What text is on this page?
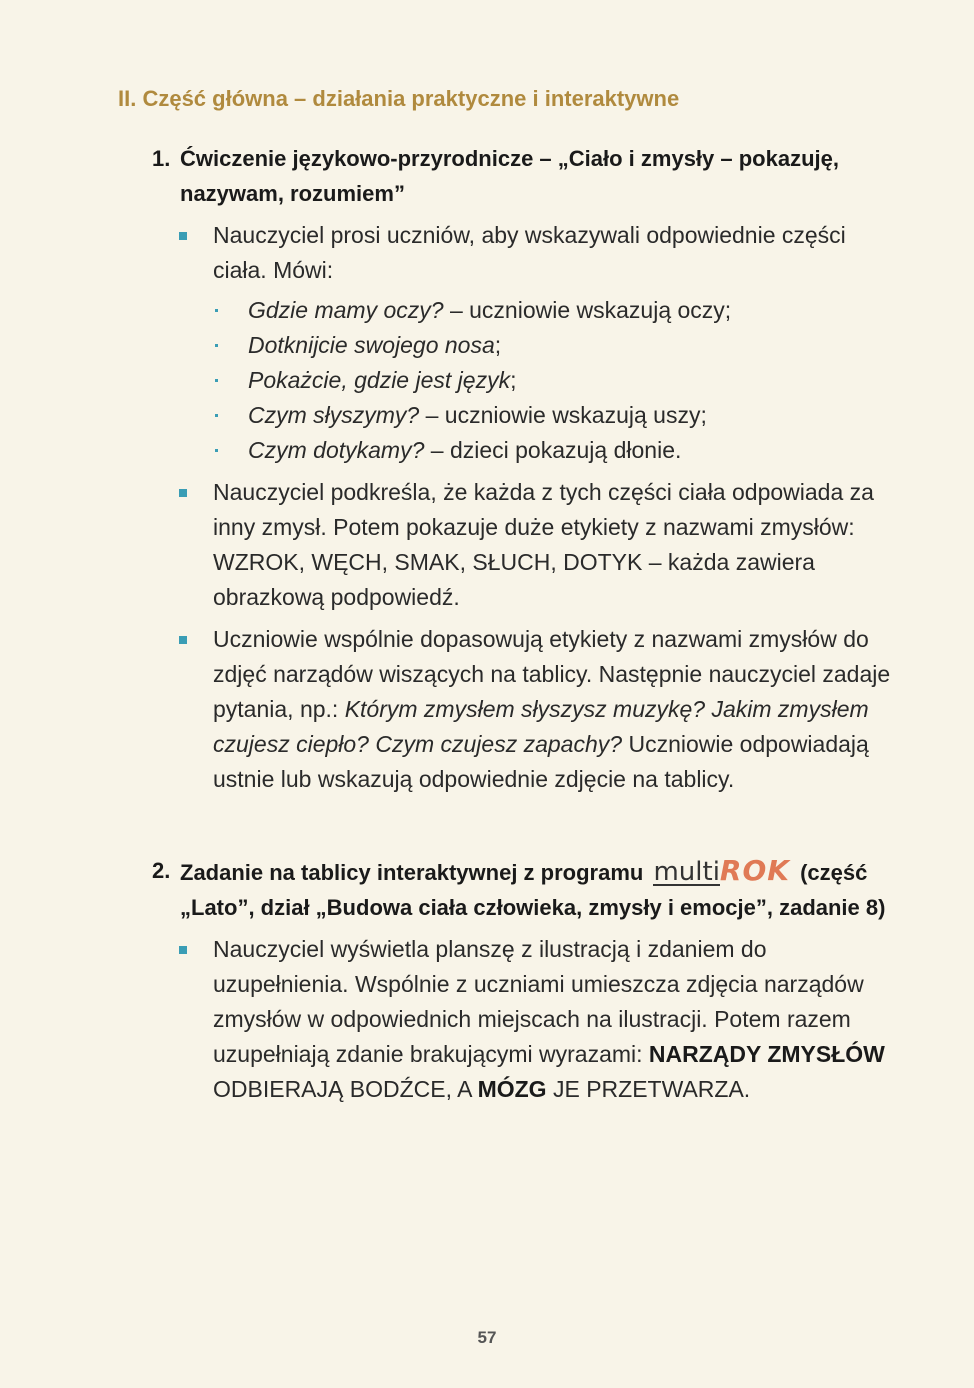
II. Część główna – działania praktyczne i interaktywne

1. Ćwiczenie językowo-przyrodnicze – „Ciało i zmysły – pokazuję, nazywam, rozumiem”

Nauczyciel prosi uczniów, aby wskazywali odpowiednie części ciała. Mówi:
Gdzie mamy oczy? – uczniowie wskazują oczy;
Dotknijcie swojego nosa;
Pokażcie, gdzie jest język;
Czym słyszymy? – uczniowie wskazują uszy;
Czym dotykamy? – dzieci pokazują dłonie.
Nauczyciel podkreśla, że każda z tych części ciała odpowiada za inny zmysł. Potem pokazuje duże etykiety z nazwami zmysłów: WZROK, WĘCH, SMAK, SŁUCH, DOTYK – każda zawiera obrazkową podpowiedź.
Uczniowie wspólnie dopasowują etykiety z nazwami zmysłów do zdjęć narządów wiszących na tablicy. Następnie nauczyciel zadaje pytania, np.: Którym zmysłem słyszysz muzykę? Jakim zmysłem czujesz ciepło? Czym czujesz zapachy? Uczniowie odpowiadają ustnie lub wskazują odpowiednie zdjęcie na tablicy.

2. Zadanie na tablicy interaktywnej z programu multi ROK (część „Lato”, dział „Budowa ciała człowieka, zmysły i emocje”, zadanie 8)

Nauczyciel wyświetla planszę z ilustracją i zdaniem do uzupełnienia. Wspólnie z uczniami umieszcza zdjęcia narządów zmysłów w odpowiednich miejscach na ilustracji. Potem razem uzupełniają zdanie brakującymi wyrazami: NARZĄDY ZMYSŁÓW ODBIERAJĄ BODŹCE, A MÓZG JE PRZETWARZA.
57
